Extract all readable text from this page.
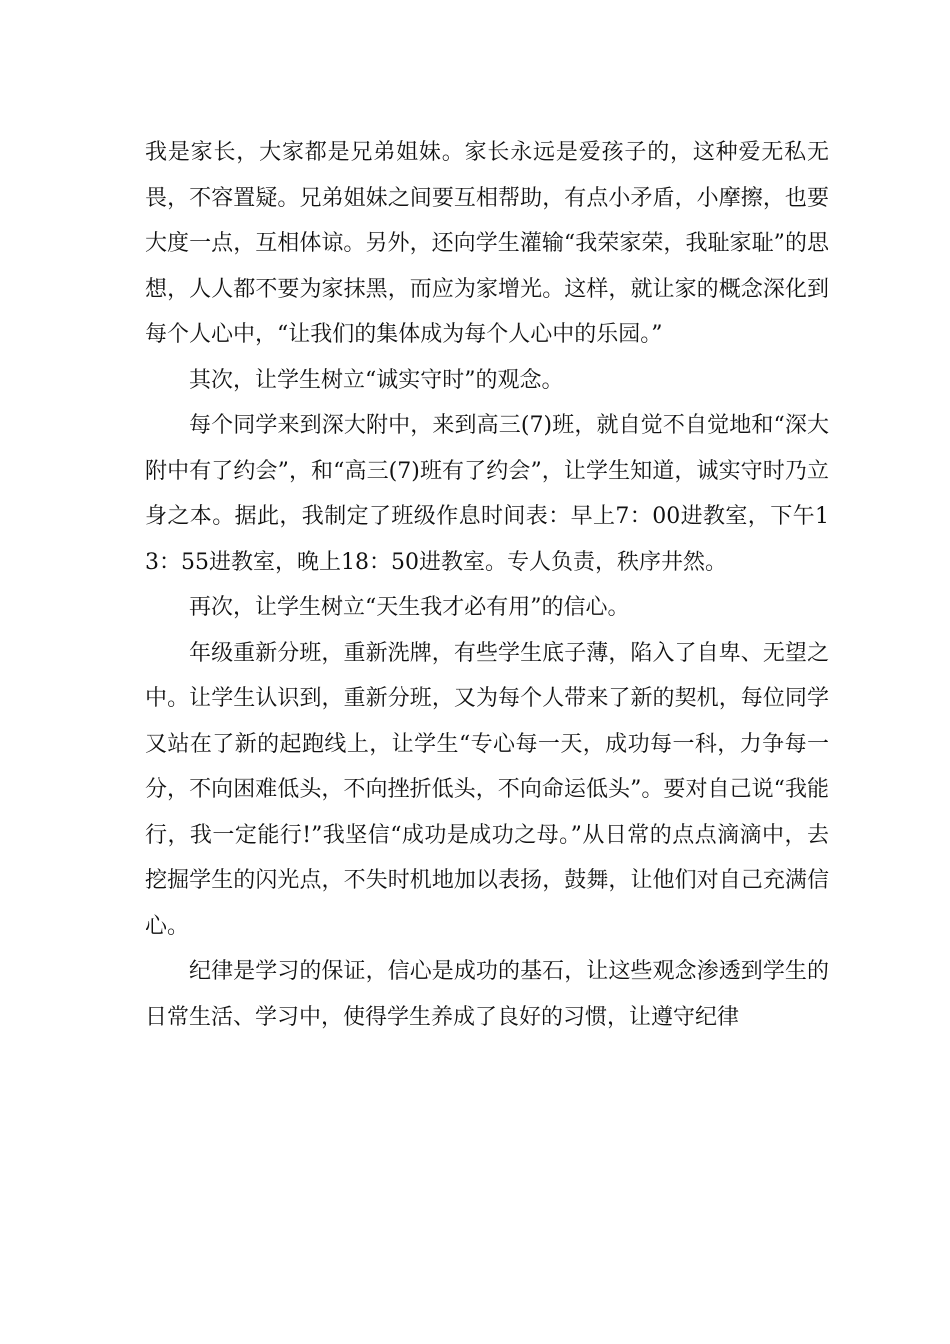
我是家长，大家都是兄弟姐妹。家长永远是爱孩子的，这种爱无私无畏，不容置疑。兄弟姐妹之间要互相帮助，有点小矛盾，小摩擦，也要大度一点，互相体谅。另外，还向学生灌输“我荣家荣，我耻家耻”的思想，人人都不要为家抹黑，而应为家增光。这样，就让家的概念深化到每个人心中，“让我们的集体成为每个人心中的乐园。”

其次，让学生树立“诚实守时”的观念。

每个同学来到深大附中，来到高三(7)班，就自觉不自觉地和“深大附中有了约会”，和“高三(7)班有了约会”，让学生知道，诚实守时乃立身之本。据此，我制定了班级作息时间表：早上7：00进教室，下午13：55进教室，晚上18：50进教室。专人负责，秩序井然。

再次，让学生树立“天生我才必有用”的信心。

年级重新分班，重新洗牌，有些学生底子薄，陷入了自卑、无望之中。让学生认识到，重新分班，又为每个人带来了新的契机，每位同学又站在了新的起跑线上，让学生“专心每一天，成功每一科，力争每一分，不向困难低头，不向挫折低头，不向命运低头”。要对自己说“我能行，我一定能行!”我坚信“成功是成功之母。”从日常的点点滴滴中，去挖掘学生的闪光点，不失时机地加以表扬，鼓舞，让他们对自己充满信心。

纪律是学习的保证，信心是成功的基石，让这些观念渗透到学生的日常生活、学习中，使得学生养成了良好的习惯，让遵守纪律
